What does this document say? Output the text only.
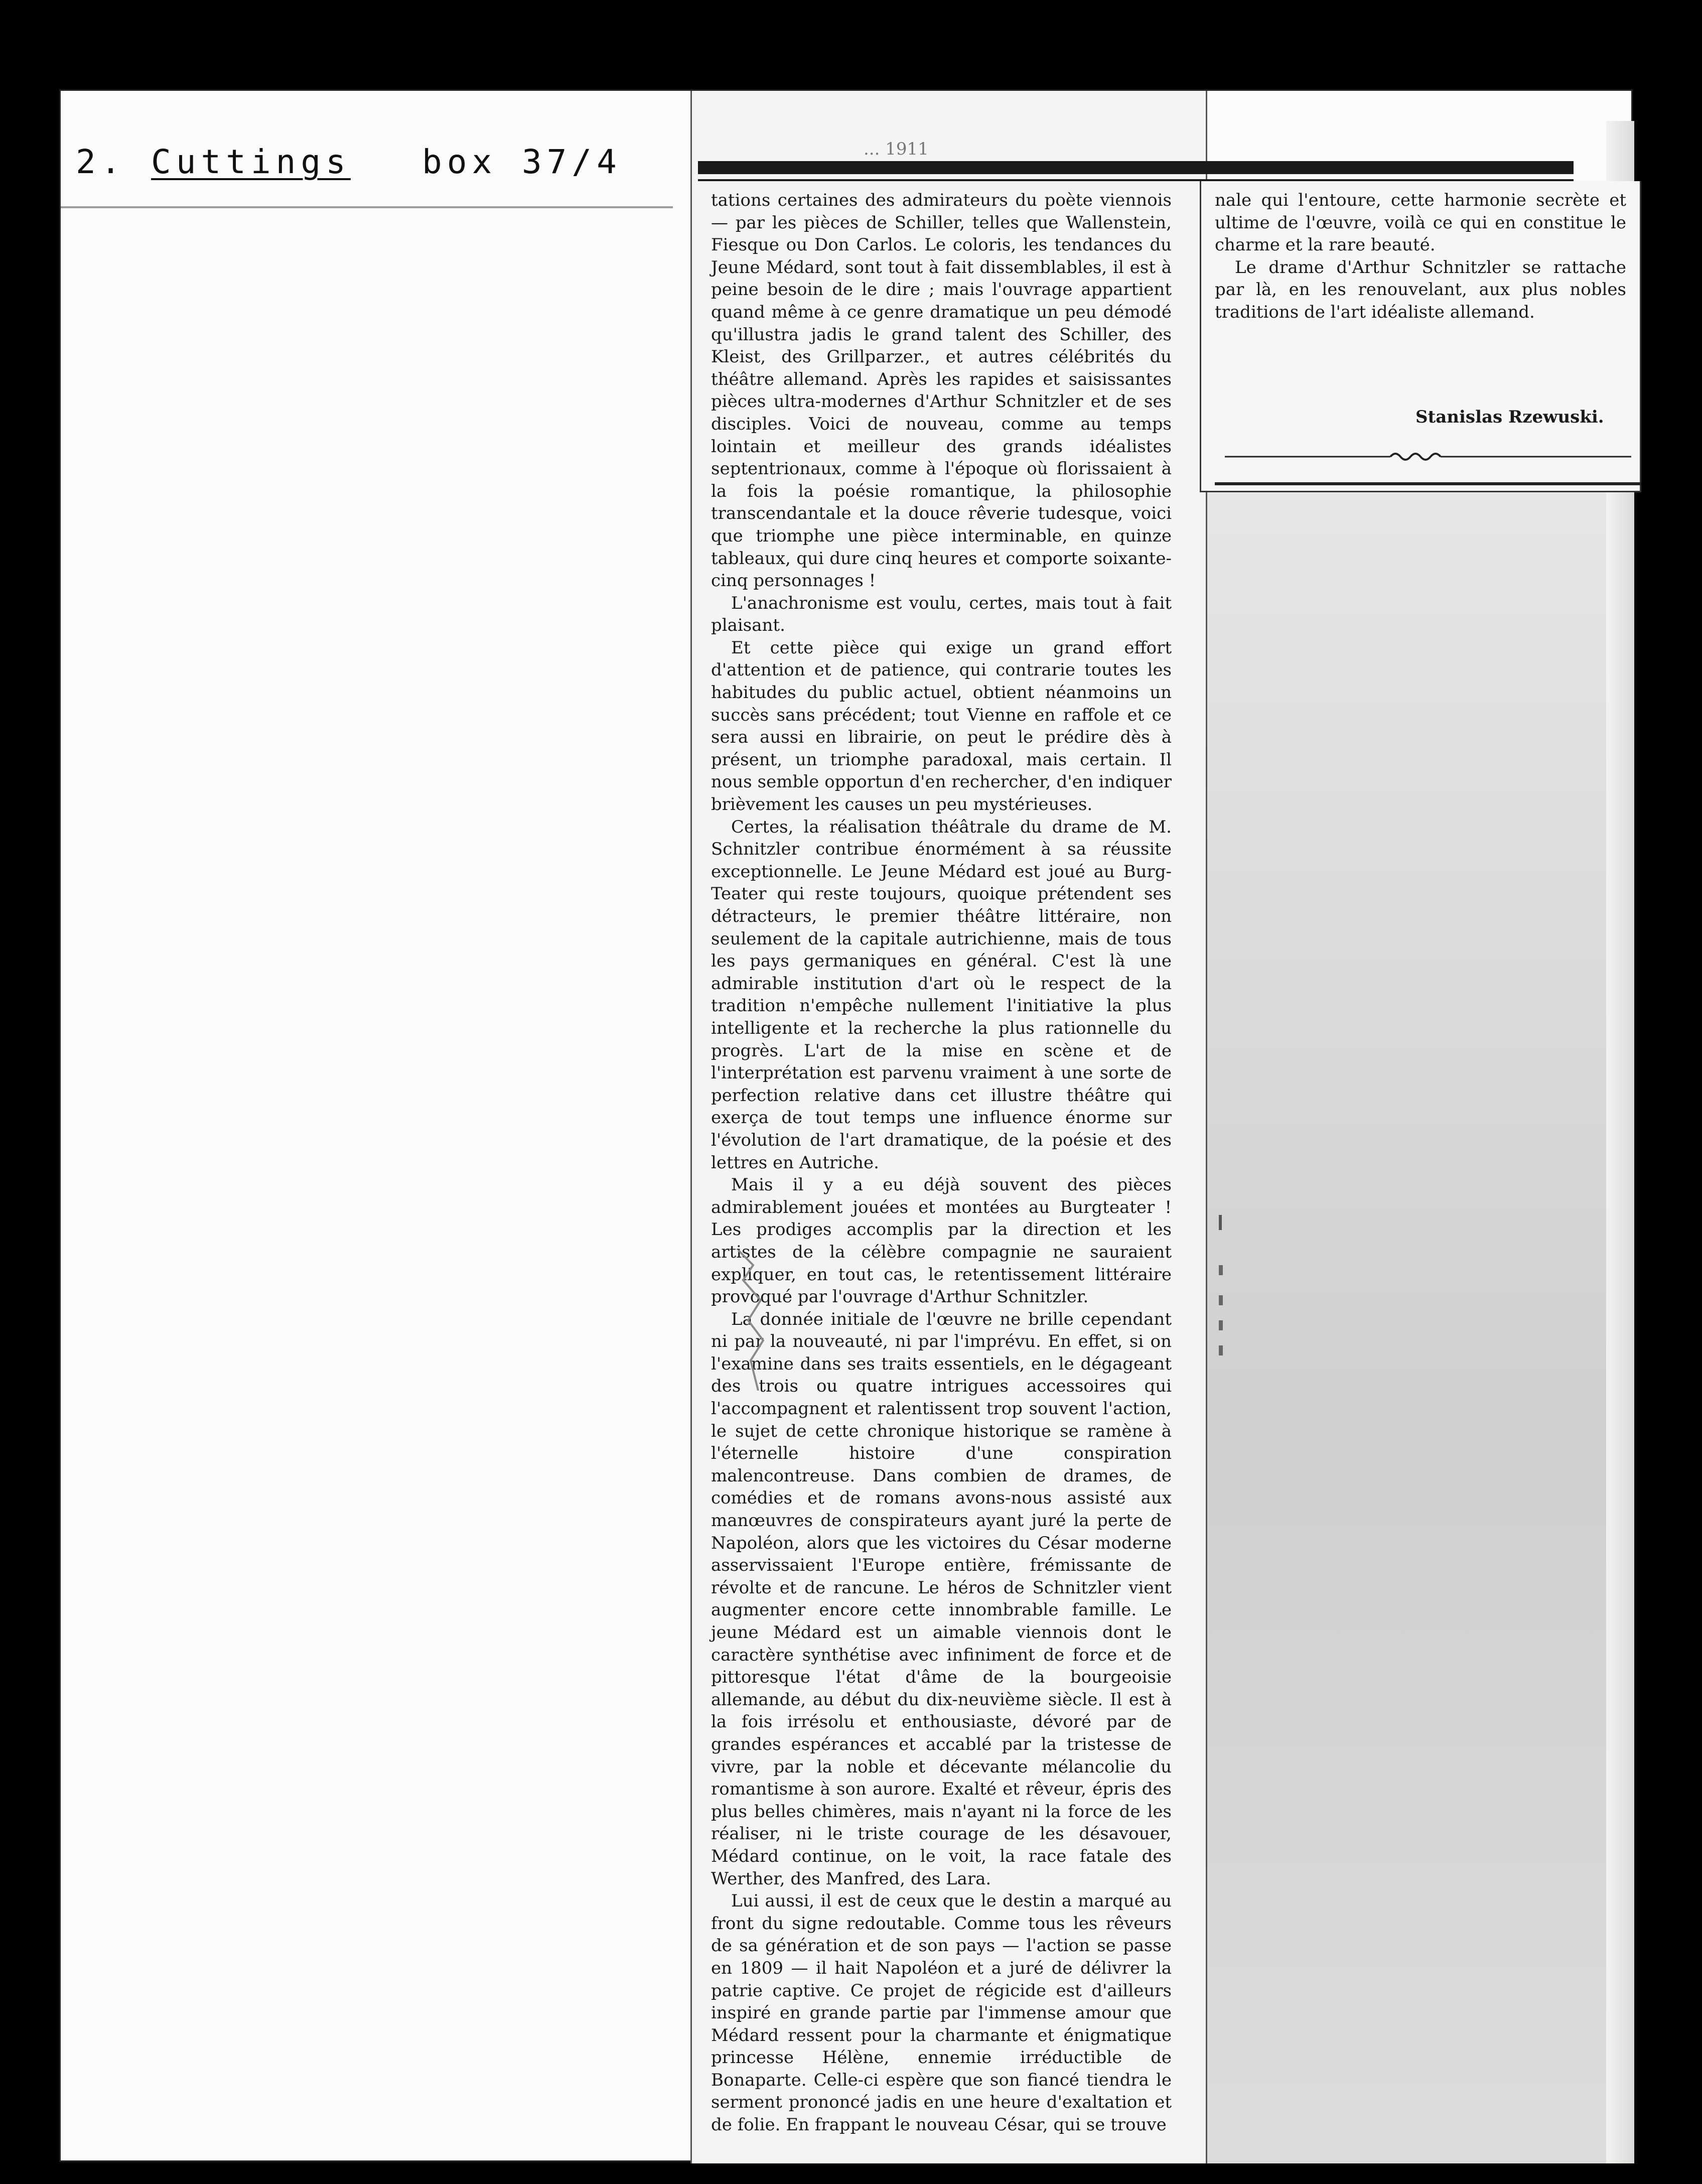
2. Cuttings	box 37/4	... 1911

tations certaines des admirateurs du poète viennois — par les pièces de Schiller, telles que Wallenstein, Fiesque ou Don Carlos. Le coloris, les tendances du Jeune Médard, sont tout à fait dissemblables, il est à peine besoin de le dire ; mais l'ouvrage appartient quand même à ce genre dramatique un peu démodé qu'illustra jadis le grand talent des Schiller, des Kleist, des Grillparzer., et autres célébrités du théâtre allemand. Après les rapides et saisissantes pièces ultra-modernes d'Arthur Schnitzler et de ses disciples. Voici de nouveau, comme au temps lointain et meilleur des grands idéalistes septentrionaux, comme à l'époque où florissaient à la fois la poésie romantique, la philosophie transcendantale et la douce rêverie tudesque, voici que triomphe une pièce interminable, en quinze tableaux, qui dure cinq heures et comporte soixante-cinq personnages !

L'anachronisme est voulu, certes, mais tout à fait plaisant.

Et cette pièce qui exige un grand effort d'attention et de patience, qui contrarie toutes les habitudes du public actuel, obtient néanmoins un succès sans précédent; tout Vienne en raffole et ce sera aussi en librairie, on peut le prédire dès à présent, un triomphe paradoxal, mais certain. Il nous semble opportun d'en rechercher, d'en indiquer brièvement les causes un peu mystérieuses.

Certes, la réalisation théâtrale du drame de M. Schnitzler contribue énormément à sa réussite exceptionnelle. Le Jeune Médard est joué au Burg-Teater qui reste toujours, quoique prétendent ses détracteurs, le premier théâtre littéraire, non seulement de la capitale autrichienne, mais de tous les pays germaniques en général. C'est là une admirable institution d'art où le respect de la tradition n'empêche nullement l'initiative la plus intelligente et la recherche la plus rationnelle du progrès. L'art de la mise en scène et de l'interprétation est parvenu vraiment à une sorte de perfection relative dans cet illustre théâtre qui exerça de tout temps une influence énorme sur l'évolution de l'art dramatique, de la poésie et des lettres en Autriche.

Mais il y a eu déjà souvent des pièces admirablement jouées et montées au Burgteater ! Les prodiges accomplis par la direction et les artistes de la célèbre compagnie ne sauraient expliquer, en tout cas, le retentissement littéraire provoqué par l'ouvrage d'Arthur Schnitzler.

La donnée initiale de l'œuvre ne brille cependant ni par la nouveauté, ni par l'imprévu. En effet, si on l'examine dans ses traits essentiels, en le dégageant des trois ou quatre intrigues accessoires qui l'accompagnent et ralentissent trop souvent l'action, le sujet de cette chronique historique se ramène à l'éternelle histoire d'une conspiration malencontreuse. Dans combien de drames, de comédies et de romans avons-nous assisté aux manœuvres de conspirateurs ayant juré la perte de Napoléon, alors que les victoires du César moderne asservissaient l'Europe entière, frémissante de révolte et de rancune. Le héros de Schnitzler vient augmenter encore cette innombrable famille. Le jeune Médard est un aimable viennois dont le caractère synthétise avec infiniment de force et de pittoresque l'état d'âme de la bourgeoisie allemande, au début du dix-neuvième siècle. Il est à la fois irrésolu et enthousiaste, dévoré par de grandes espérances et accablé par la tristesse de vivre, par la noble et décevante mélancolie du romantisme à son aurore. Exalté et rêveur, épris des plus belles chimères, mais n'ayant ni la force de les réaliser, ni le triste courage de les désavouer, Médard continue, on le voit, la race fatale des Werther, des Manfred, des Lara.

Lui aussi, il est de ceux que le destin a marqué au front du signe redoutable. Comme tous les rêveurs de sa génération et de son pays — l'action se passe en 1809 — il hait Napoléon et a juré de délivrer la patrie captive. Ce projet de régicide est d'ailleurs inspiré en grande partie par l'immense amour que Médard ressent pour la charmante et énigmatique princesse Hélène, ennemie irréductible de Bonaparte. Celle-ci espère que son fiancé tiendra le serment prononcé jadis en une heure d'exaltation et de folie. En frappant le nouveau César, qui se trouve

nale qui l'entoure, cette harmonie secrète et ultime de l'œuvre, voilà ce qui en constitue le charme et la rare beauté.

Le drame d'Arthur Schnitzler se rattache par là, en les renouvelant, aux plus nobles traditions de l'art idéaliste allemand.

Stanislas Rzewuski.
